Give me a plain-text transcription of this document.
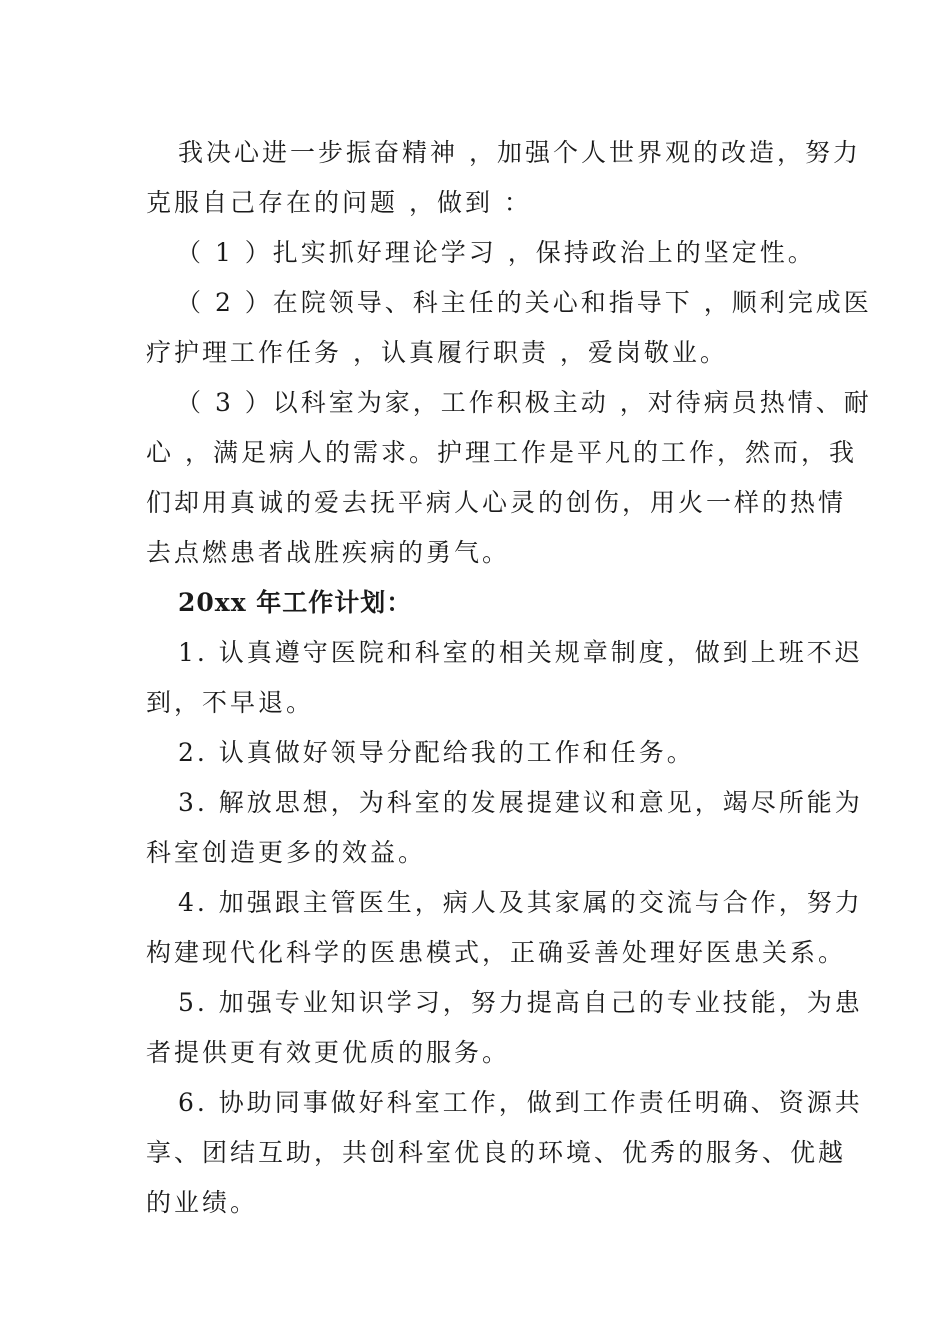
我决心进一步振奋精神 ，加强个人世界观的改造，努力

克服自己存在的问题 ，做到 ：

（ 1 ）扎实抓好理论学习 ，保持政治上的坚定性。

（ 2 ）在院领导、科主任的关心和指导下 ，顺利完成医

疗护理工作任务 ，认真履行职责 ，爱岗敬业。

（ 3 ）以科室为家，工作积极主动 ，对待病员热情、耐

心 ，满足病人的需求。护理工作是平凡的工作，然而，我

们却用真诚的爱去抚平病人心灵的创伤，用火一样的热情

去点燃患者战胜疾病的勇气。

20xx 年工作计划：

1. 认真遵守医院和科室的相关规章制度，做到上班不迟

到，不早退。

2. 认真做好领导分配给我的工作和任务。

3. 解放思想，为科室的发展提建议和意见，竭尽所能为

科室创造更多的效益。

4. 加强跟主管医生，病人及其家属的交流与合作，努力

构建现代化科学的医患模式，正确妥善处理好医患关系。

5. 加强专业知识学习，努力提高自己的专业技能，为患

者提供更有效更优质的服务。

6. 协助同事做好科室工作，做到工作责任明确、资源共

享、团结互助，共创科室优良的环境、优秀的服务、优越

的业绩。
